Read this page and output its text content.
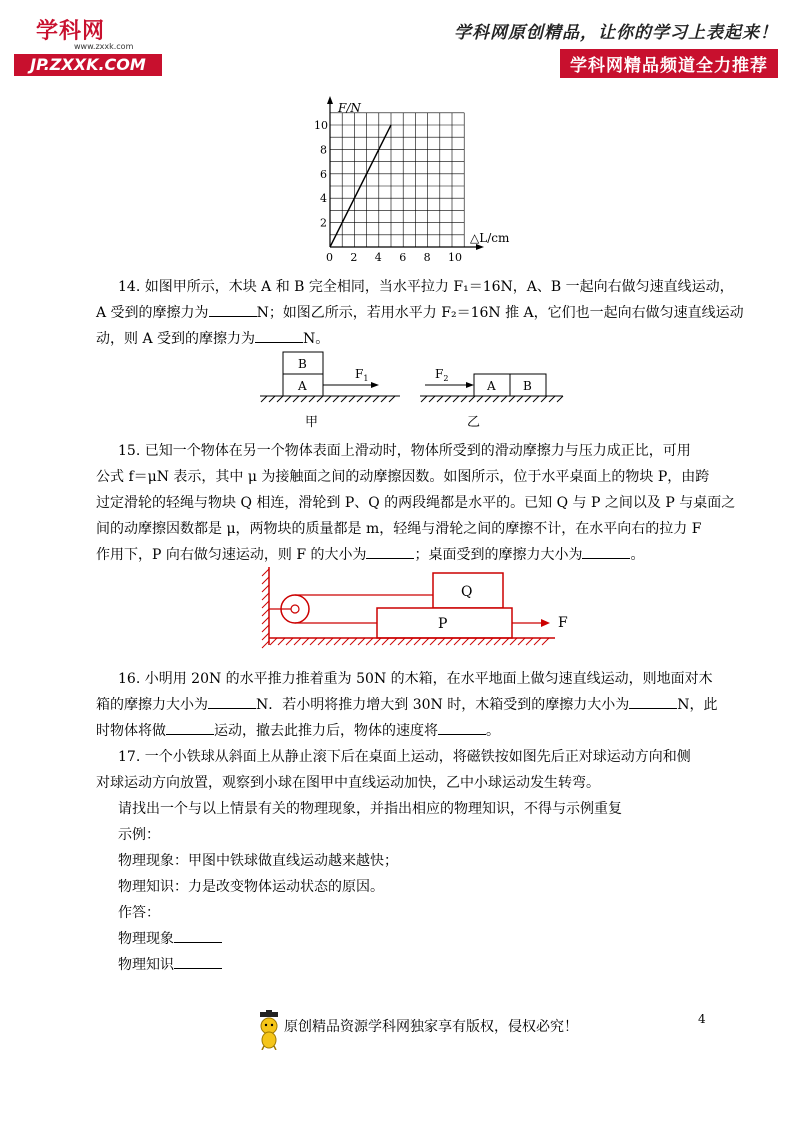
学科网
www.zxxk.com
JP.ZXXK.COM
学科网原创精品，让你的学习上表起来！
学科网精品频道全力推荐
F/N
△L/cm
0 2 4 6 8 10
2
4
6
8
10
14. 如图甲所示，木块 A 和 B 完全相同，当水平拉力 F₁＝16N，A、B 一起向右做匀速直线运动，
A 受到的摩擦力为	N；如图乙所示，若用水平力 F₂＝16N 推 A，它们也一起向右做匀速直线运动
动，则 A 受到的摩擦力为	N。
B
A
$F_1$
甲
$F_2$
A B
乙
15. 已知一个物体在另一个物体表面上滑动时，物体所受到的滑动摩擦力与压力成正比，可用
公式 f＝μN 表示，其中 μ 为接触面之间的动摩擦因数。如图所示，位于水平桌面上的物块 P，由跨
过定滑轮的轻绳与物块 Q 相连，滑轮到 P、Q 的两段绳都是水平的。已知 Q 与 P 之间以及 P 与桌面之
间的动摩擦因数都是 μ，两物块的质量都是 m，轻绳与滑轮之间的摩擦不计，在水平向右的拉力 F
作用下，P 向右做匀速运动，则 F 的大小为	；桌面受到的摩擦力大小为	。
Q
P	F
16. 小明用 20N 的水平推力推着重为 50N 的木箱，在水平地面上做匀速直线运动，则地面对木
箱的摩擦力大小为	N．若小明将推力增大到 30N 时，木箱受到的摩擦力大小为	N，此
时物体将做	运动，撤去此推力后，物体的速度将	。
17. 一个小铁球从斜面上从静止滚下后在桌面上运动，将磁铁按如图先后正对球运动方向和侧
对球运动方向放置，观察到小球在图甲中直线运动加快，乙中小球运动发生转弯。
请找出一个与以上情景有关的物理现象，并指出相应的物理知识，不得与示例重复
示例：
物理现象：甲图中铁球做直线运动越来越快；
物理知识：力是改变物体运动状态的原因。
作答：
物理现象
物理知识
4
原创精品资源学科网独家享有版权，侵权必究！
